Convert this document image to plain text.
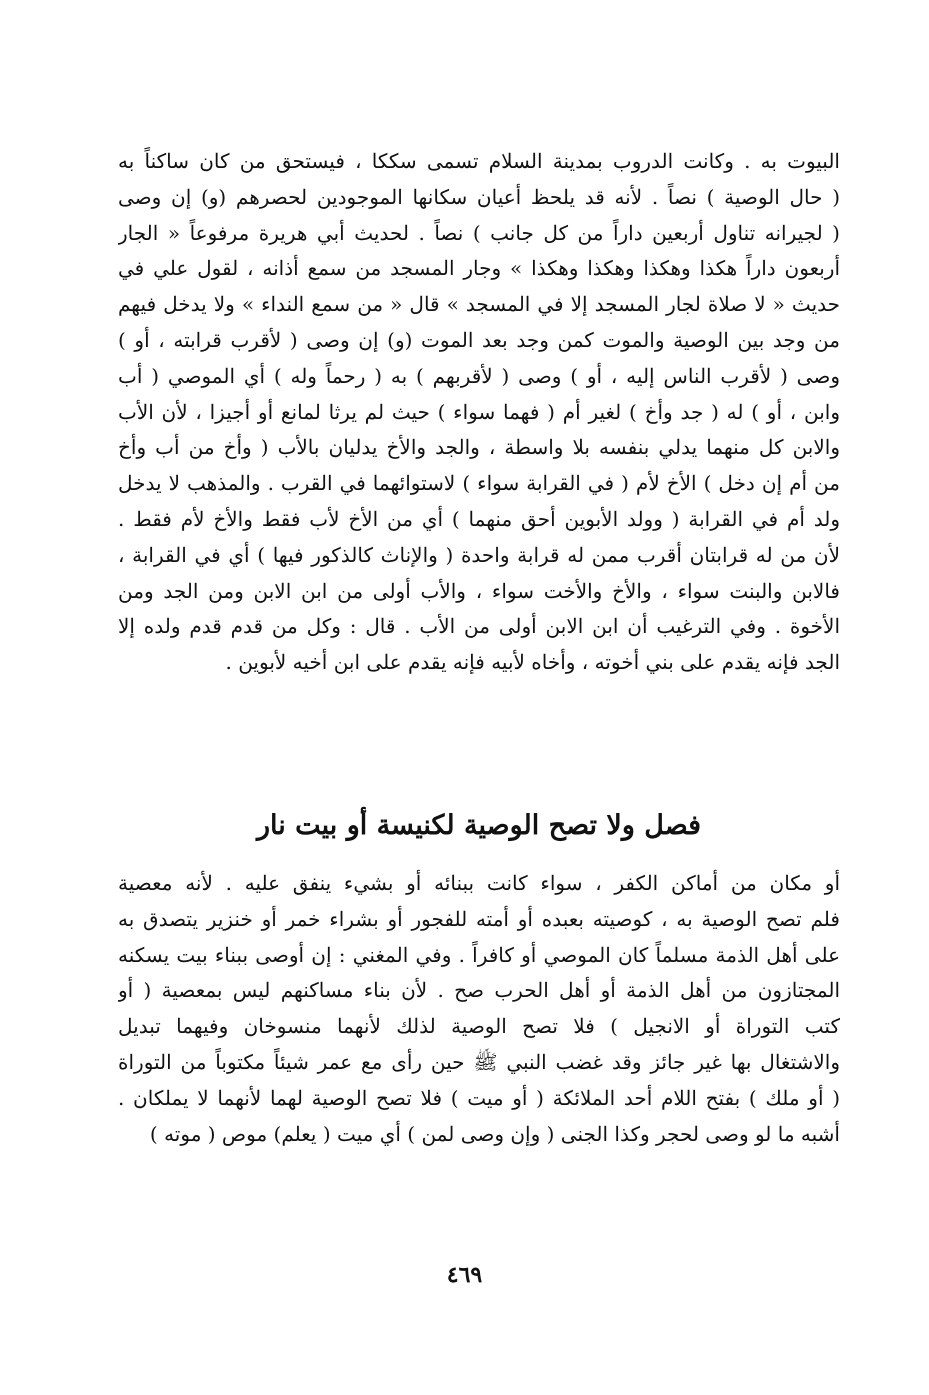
البيوت به . وكانت الدروب بمدينة السلام تسمى سككا ، فيستحق من كان ساكناً به
( حال الوصية ) نصاً . لأنه قد يلحظ أعيان سكانها الموجودين لحصرهم (و) إن وصى
( لجيرانه تناول أربعين داراً من كل جانب ) نصاً . لحديث أبي هريرة مرفوعاً « الجار
أربعون داراً هكذا وهكذا وهكذا وهكذا » وجار المسجد من سمع أذانه ، لقول علي في
حديث « لا صلاة لجار المسجد إلا في المسجد » قال « من سمع النداء » ولا يدخل فيهم
من وجد بين الوصية والموت كمن وجد بعد الموت (و) إن وصى ( لأقرب قرابته ، أو )
وصى ( لأقرب الناس إليه ، أو ) وصى ( لأقربهم ) به ( رحماً وله ) أي الموصي ( أب
وابن ، أو ) له ( جد وأخ ) لغير أم ( فهما سواء ) حيث لم يرثا لمانع أو أجيزا ، لأن الأب
والابن كل منهما يدلي بنفسه بلا واسطة ، والجد والأخ يدليان بالأب ( وأخ من أب وأخ
من أم إن دخل ) الأخ لأم ( في القرابة سواء ) لاستوائهما في القرب . والمذهب لا يدخل
ولد أم في القرابة ( وولد الأبوين أحق منهما ) أي من الأخ لأب فقط والأخ لأم فقط .
لأن من له قرابتان أقرب ممن له قرابة واحدة ( والإناث كالذكور فيها ) أي في القرابة ،
فالابن والبنت سواء ، والأخ والأخت سواء ، والأب أولى من ابن الابن ومن الجد ومن
الأخوة . وفي الترغيب أن ابن الابن أولى من الأب . قال : وكل من قدم قدم ولده إلا
الجد فإنه يقدم على بني أخوته ، وأخاه لأبيه فإنه يقدم على ابن أخيه لأبوين .

فصل ولا تصح الوصية لكنيسة أو بيت نار

أو مكان من أماكن الكفر ، سواء كانت ببنائه أو بشيء ينفق عليه . لأنه معصية
فلم تصح الوصية به ، كوصيته بعبده أو أمته للفجور أو بشراء خمر أو خنزير يتصدق به
على أهل الذمة مسلماً كان الموصي أو كافراً . وفي المغني : إن أوصى ببناء بيت يسكنه
المجتازون من أهل الذمة أو أهل الحرب صح . لأن بناء مساكنهم ليس بمعصية ( أو
كتب التوراة أو الانجيل ) فلا تصح الوصية لذلك لأنهما منسوخان وفيهما تبديل
والاشتغال بها غير جائز وقد غضب النبي ﷺ حين رأى مع عمر شيئاً مكتوباً من التوراة
( أو ملك ) بفتح اللام أحد الملائكة ( أو ميت ) فلا تصح الوصية لهما لأنهما لا يملكان .
أشبه ما لو وصى لحجر وكذا الجنى ( وإن وصى لمن ) أي ميت ( يعلم) موص ( موته )

٤٦٩
